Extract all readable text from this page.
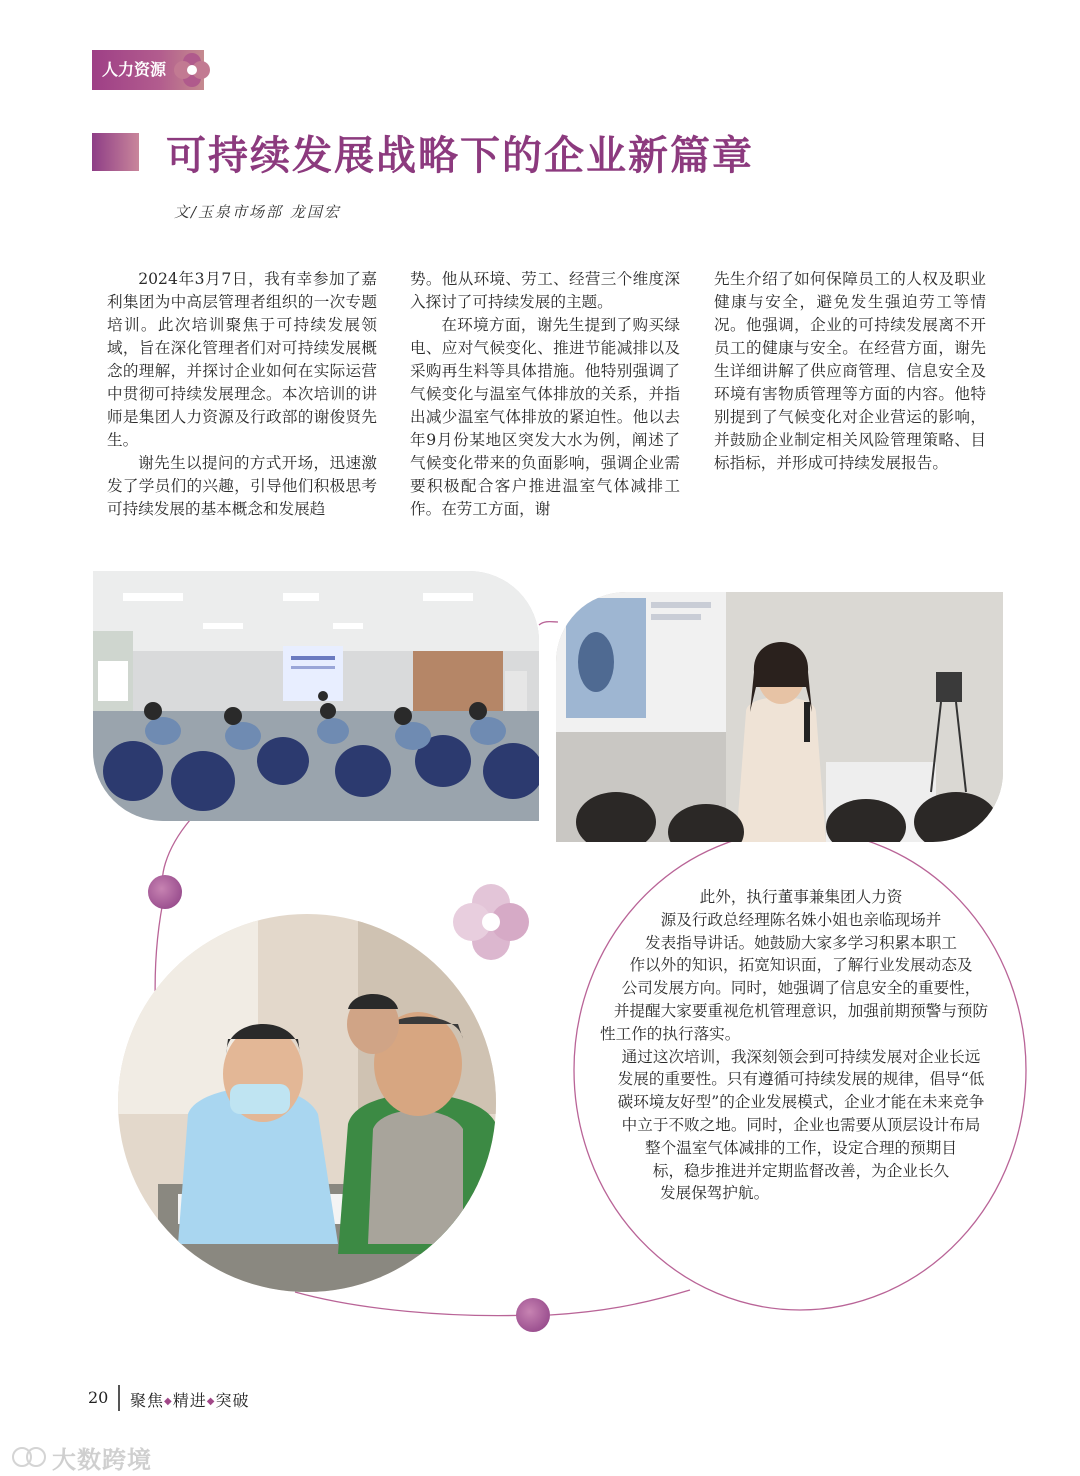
人力资源
可持续发展战略下的企业新篇章
文/玉泉市场部 龙国宏

2024年3月7日，我有幸参加了嘉利集团为中高层管理者组织的一次专题培训。此次培训聚焦于可持续发展领域，旨在深化管理者们对可持续发展概念的理解，并探讨企业如何在实际运营中贯彻可持续发展理念。本次培训的讲师是集团人力资源及行政部的谢俊贤先生。

谢先生以提问的方式开场，迅速激发了学员们的兴趣，引导他们积极思考可持续发展的基本概念和发展趋

势。他从环境、劳工、经营三个维度深入探讨了可持续发展的主题。

在环境方面，谢先生提到了购买绿电、应对气候变化、推进节能减排以及采购再生料等具体措施。他特别强调了气候变化与温室气体排放的关系，并指出减少温室气体排放的紧迫性。他以去年9月份某地区突发大水为例，阐述了气候变化带来的负面影响，强调企业需要积极配合客户推进温室气体减排工作。在劳工方面，谢

先生介绍了如何保障员工的人权及职业健康与安全，避免发生强迫劳工等情况。他强调，企业的可持续发展离不开员工的健康与安全。在经营方面，谢先生详细讲解了供应商管理、信息安全及环境有害物质管理等方面的内容。他特别提到了气候变化对企业营运的影响，并鼓励企业制定相关风险管理策略、目标指标，并形成可持续发展报告。

此外，执行董事兼集团人力资

源及行政总经理陈名姝小姐也亲临现场并

发表指导讲话。她鼓励大家多学习积累本职工

作以外的知识，拓宽知识面，了解行业发展动态及

公司发展方向。同时，她强调了信息安全的重要性，

并提醒大家要重视危机管理意识，加强前期预警与预防

性工作的执行落实。

通过这次培训，我深刻领会到可持续发展对企业长远

发展的重要性。只有遵循可持续发展的规律，倡导“低

碳环境友好型”的企业发展模式，企业才能在未来竞争

中立于不败之地。同时，企业也需要从顶层设计布局

整个温室气体减排的工作，设定合理的预期目

标，稳步推进并定期监督改善，为企业长久

发展保驾护航。

20 聚焦◆精进◆突破
大数跨境
